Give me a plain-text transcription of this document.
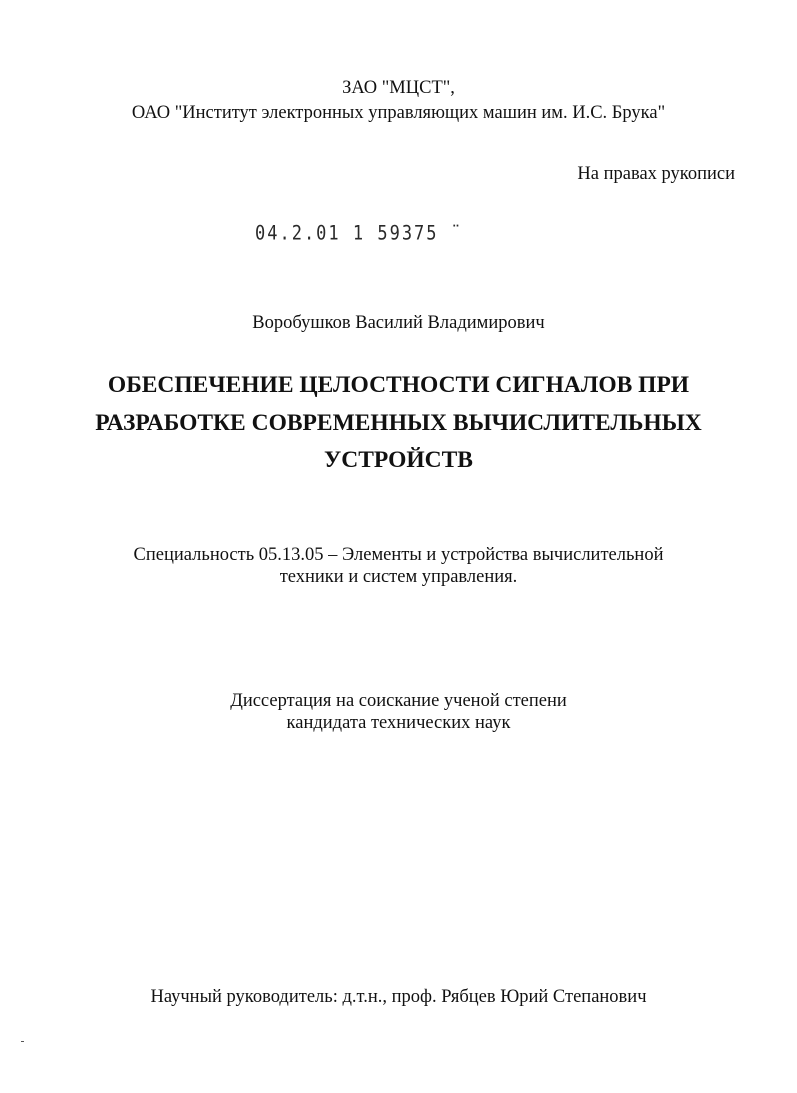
ЗАО "МЦСТ",
ОАО "Институт электронных управляющих машин им. И.С. Брука"
На правах рукописи
04.2.01 1 59375 ¨
Воробушков Василий Владимирович
ОБЕСПЕЧЕНИЕ ЦЕЛОСТНОСТИ СИГНАЛОВ ПРИ
РАЗРАБОТКЕ СОВРЕМЕННЫХ ВЫЧИСЛИТЕЛЬНЫХ
УСТРОЙСТВ
Специальность 05.13.05 – Элементы и устройства вычислительной
техники и систем управления.
Диссертация на соискание ученой степени
кандидата технических наук
Научный руководитель: д.т.н., проф. Рябцев Юрий Степанович
